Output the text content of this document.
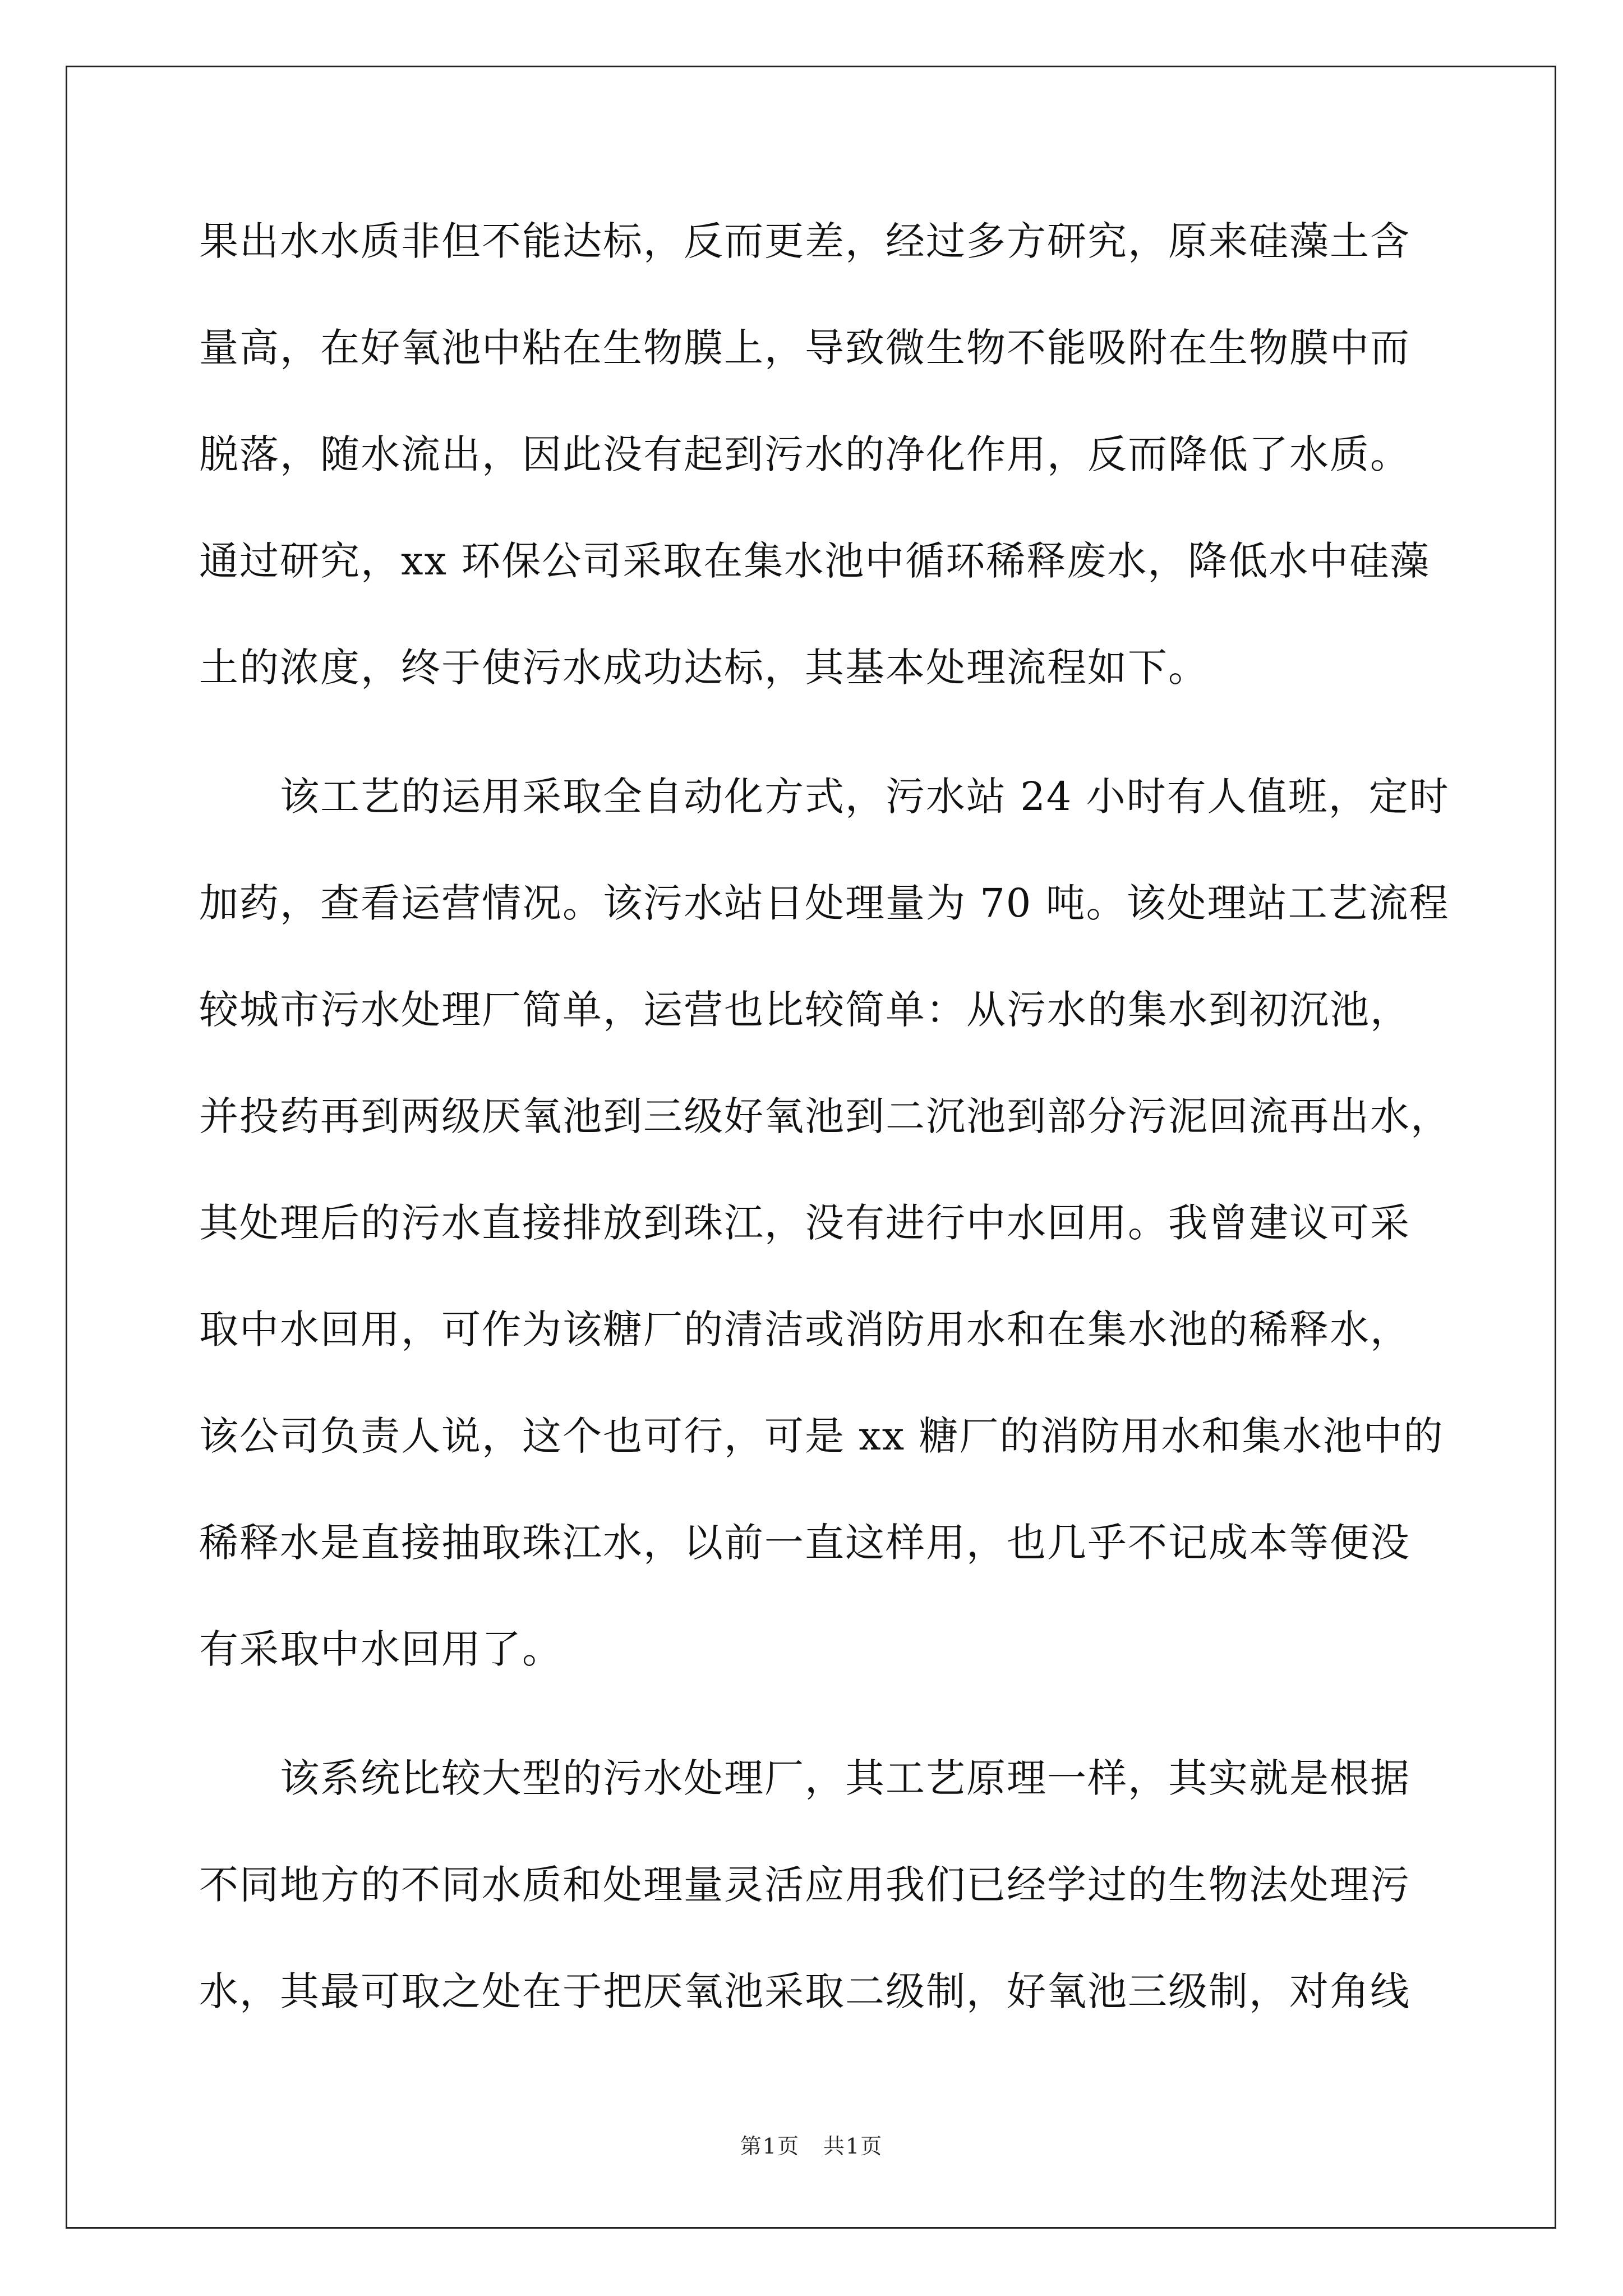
果出水水质非但不能达标，反而更差，经过多方研究，原来硅藻土含
量高，在好氧池中粘在生物膜上，导致微生物不能吸附在生物膜中而
脱落，随水流出，因此没有起到污水的净化作用，反而降低了水质。
通过研究，xx 环保公司采取在集水池中循环稀释废水，降低水中硅藻
土的浓度，终于使污水成功达标，其基本处理流程如下。
　　该工艺的运用采取全自动化方式，污水站 24 小时有人值班，定时
加药，查看运营情况。该污水站日处理量为 70 吨。该处理站工艺流程
较城市污水处理厂简单，运营也比较简单：从污水的集水到初沉池，
并投药再到两级厌氧池到三级好氧池到二沉池到部分污泥回流再出水，
其处理后的污水直接排放到珠江，没有进行中水回用。我曾建议可采
取中水回用，可作为该糖厂的清洁或消防用水和在集水池的稀释水，
该公司负责人说，这个也可行，可是 xx 糖厂的消防用水和集水池中的
稀释水是直接抽取珠江水，以前一直这样用，也几乎不记成本等便没
有采取中水回用了。
　　该系统比较大型的污水处理厂，其工艺原理一样，其实就是根据
不同地方的不同水质和处理量灵活应用我们已经学过的生物法处理污
水，其最可取之处在于把厌氧池采取二级制，好氧池三级制，对角线
第1页 共1页
